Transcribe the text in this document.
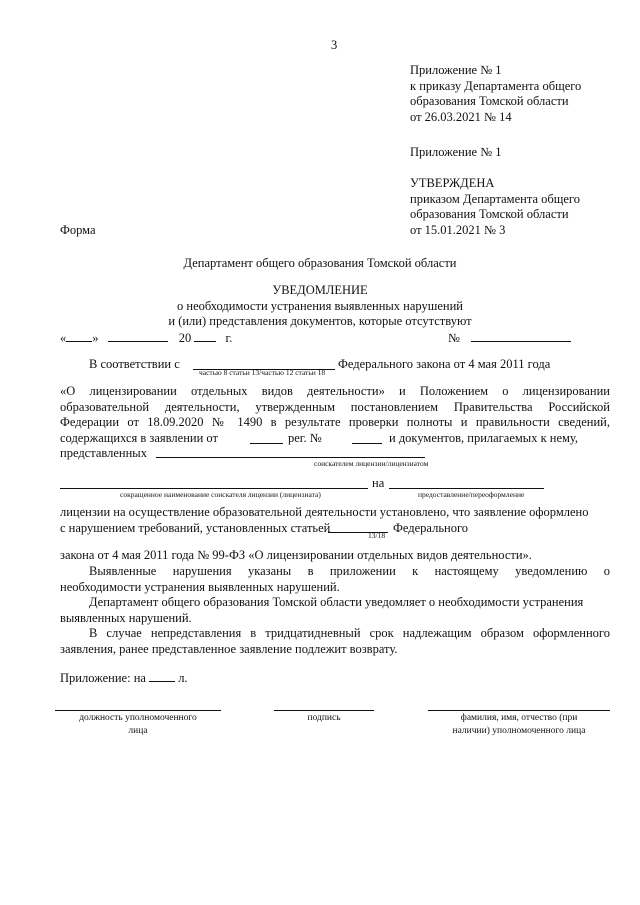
3
Приложение № 1
к приказу Департамента общего
образования Томской области
от 26.03.2021 № 14
Приложение № 1
УТВЕРЖДЕНА
приказом Департамента общего
образования Томской области
от 15.01.2021 № 3
Форма
Департамент общего образования Томской области
УВЕДОМЛЕНИЕ
о необходимости устранения выявленных нарушений
и (или) представления документов, которые отсутствуют
« »	20	г.	№
В соответствии с
частью 8 статьи 13/частью 12 статьи 18
Федерального закона от 4 мая 2011 года
«О лицензировании отдельных видов деятельности» и Положением о лицензировании
образовательной деятельности, утвержденным постановлением Правительства Российской
Федерации от 18.09.2020 № 1490 в результате проверки полноты и правильности сведений,
содержащихся в заявлении от	рег. №	и документов, прилагаемых к нему,
представленных
соискателем лицензии/лицензиатом
сокращенное наименование соискателя лицензии (лицензиата)
на
предоставление/переоформление
лицензии на осуществление образовательной деятельности установлено, что заявление оформлено
с нарушением требований, установленных статьей
13/18
Федерального
закона от 4 мая 2011 года № 99-ФЗ «О лицензировании отдельных видов деятельности».
Выявленные нарушения указаны в приложении к настоящему уведомлению о
необходимости устранения выявленных нарушений.
Департамент общего образования Томской области уведомляет о необходимости устранения
выявленных нарушений.
В случае непредставления в тридцатидневный срок надлежащим образом оформленного
заявления, ранее представленное заявление подлежит возврату.
Приложение: на	л.
должность уполномоченного
лица
подпись	фамилия, имя, отчество (при
наличии) уполномоченного лица
